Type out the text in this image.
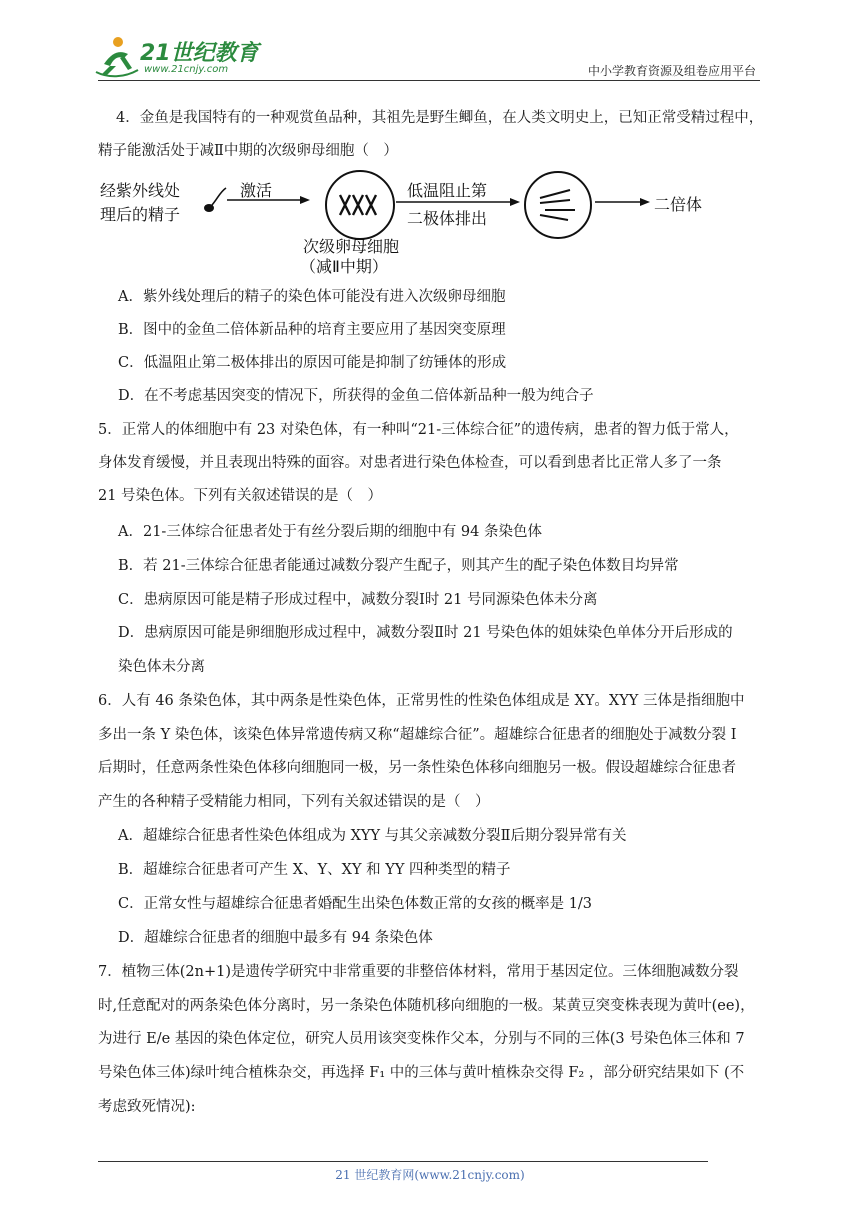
21世纪教育
www.21cnjy.com	中小学教育资源及组卷应用平台
4．金鱼是我国特有的一种观赏鱼品种，其祖先是野生鲫鱼，在人类文明史上，已知正常受精过程中，
精子能激活处于减Ⅱ中期的次级卵母细胞（　）
经紫外线处
理后的精子
激活
次级卵母细胞
（减Ⅱ中期）
低温阻止第
二极体排出
二倍体
A．紫外线处理后的精子的染色体可能没有进入次级卵母细胞
B．图中的金鱼二倍体新品种的培育主要应用了基因突变原理
C．低温阻止第二极体排出的原因可能是抑制了纺锤体的形成
D．在不考虑基因突变的情况下，所获得的金鱼二倍体新品种一般为纯合子
5．正常人的体细胞中有 23 对染色体，有一种叫“21-三体综合征”的遗传病，患者的智力低于常人，
身体发育缓慢，并且表现出特殊的面容。对患者进行染色体检查，可以看到患者比正常人多了一条
21 号染色体。下列有关叙述错误的是（　）
A．21-三体综合征患者处于有丝分裂后期的细胞中有 94 条染色体
B．若 21-三体综合征患者能通过减数分裂产生配子，则其产生的配子染色体数目均异常
C．患病原因可能是精子形成过程中，减数分裂Ⅰ时 21 号同源染色体未分离
D．患病原因可能是卵细胞形成过程中，减数分裂Ⅱ时 21 号染色体的姐妹染色单体分开后形成的
染色体未分离
6．人有 46 条染色体，其中两条是性染色体，正常男性的性染色体组成是 XY。XYY 三体是指细胞中
多出一条 Y 染色体，该染色体异常遗传病又称“超雄综合征”。超雄综合征患者的细胞处于减数分裂 I
后期时，任意两条性染色体移向细胞同一极，另一条性染色体移向细胞另一极。假设超雄综合征患者
产生的各种精子受精能力相同，下列有关叙述错误的是（　）
A．超雄综合征患者性染色体组成为 XYY 与其父亲减数分裂Ⅱ后期分裂异常有关
B．超雄综合征患者可产生 X、Y、XY 和 YY 四种类型的精子
C．正常女性与超雄综合征患者婚配生出染色体数正常的女孩的概率是 1/3
D．超雄综合征患者的细胞中最多有 94 条染色体
7．植物三体(2n+1)是遗传学研究中非常重要的非整倍体材料，常用于基因定位。三体细胞减数分裂
时,任意配对的两条染色体分离时，另一条染色体随机移向细胞的一极。某黄豆突变株表现为黄叶(ee)，
为进行 E/e 基因的染色体定位，研究人员用该突变株作父本，分别与不同的三体(3 号染色体三体和 7
号染色体三体)绿叶纯合植株杂交，再选择 F₁ 中的三体与黄叶植株杂交得 F₂ ，部分研究结果如下 (不
考虑致死情况):
21 世纪教育网(www.21cnjy.com)
